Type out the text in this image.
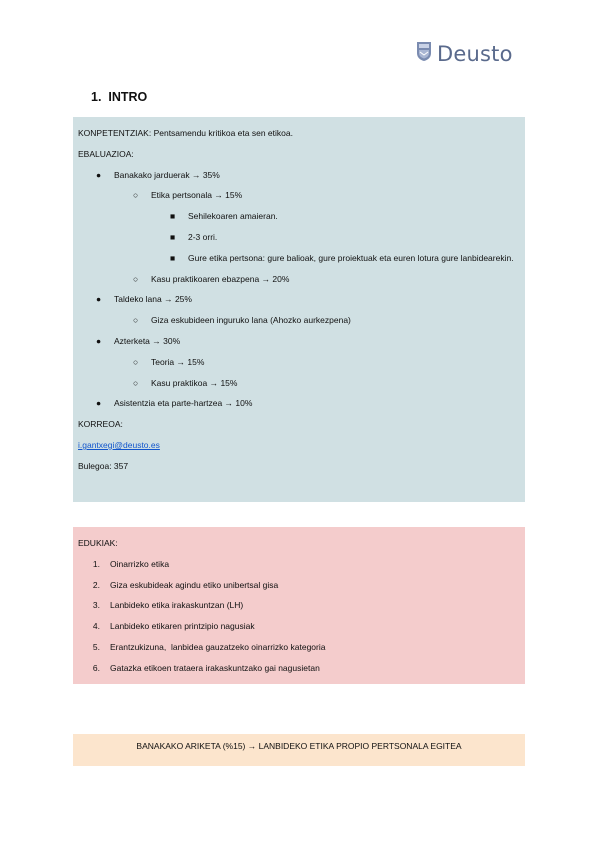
Deusto
1. INTRO
KONPETENTZIAK: Pentsamendu kritikoa eta sen etikoa.
EBALUAZIOA:
●	Banakako jarduerak → 35%
○	Etika pertsonala → 15%
■	Sehilekoaren amaieran.
■	2-3 orri.
■	Gure etika pertsona: gure balioak, gure proiektuak eta euren lotura gure lanbidearekin.
○	Kasu praktikoaren ebazpena → 20%
●	Taldeko lana → 25%
○	Giza eskubideen inguruko lana (Ahozko aurkezpena)
●	Azterketa → 30%
○	Teoria → 15%
○	Kasu praktikoa → 15%
●	Asistentzia eta parte-hartzea → 10%
KORREOA:
i.gantxegi@deusto.es
Bulegoa: 357
EDUKIAK:
1. Oinarrizko etika
2. Giza eskubideak agindu etiko unibertsal gisa
3. Lanbideko etika irakaskuntzan (LH)
4. Lanbideko etikaren printzipio nagusiak
5. Erantzukizuna,  lanbidea gauzatzeko oinarrizko kategoria
6. Gatazka etikoen trataera irakaskuntzako gai nagusietan
BANAKAKO ARIKETA (%15) → LANBIDEKO ETIKA PROPIO PERTSONALA EGITEA
